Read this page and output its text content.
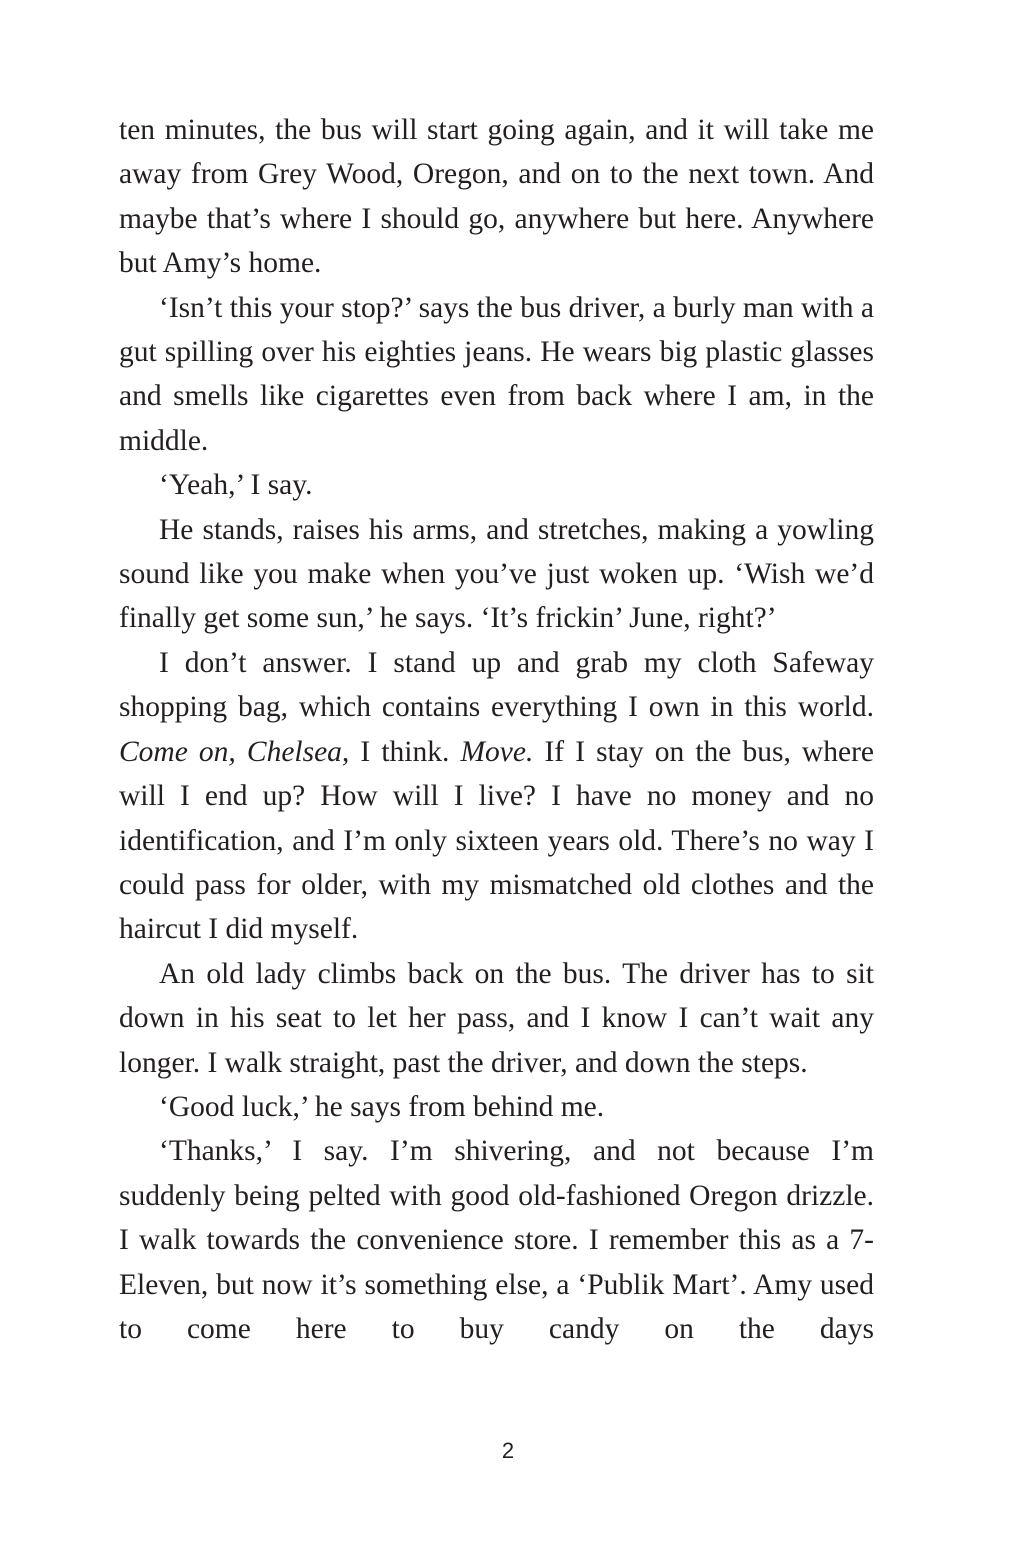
ten minutes, the bus will start going again, and it will take me away from Grey Wood, Oregon, and on to the next town. And maybe that’s where I should go, anywhere but here. Anywhere but Amy’s home.

‘Isn’t this your stop?’ says the bus driver, a burly man with a gut spilling over his eighties jeans. He wears big plastic glasses and smells like cigarettes even from back where I am, in the middle.

‘Yeah,’ I say.

He stands, raises his arms, and stretches, making a yowling sound like you make when you’ve just woken up. ‘Wish we’d finally get some sun,’ he says. ‘It’s frickin’ June, right?’

I don’t answer. I stand up and grab my cloth Safeway shopping bag, which contains everything I own in this world. Come on, Chelsea, I think. Move. If I stay on the bus, where will I end up? How will I live? I have no money and no identification, and I’m only sixteen years old. There’s no way I could pass for older, with my mismatched old clothes and the haircut I did myself.

An old lady climbs back on the bus. The driver has to sit down in his seat to let her pass, and I know I can’t wait any longer. I walk straight, past the driver, and down the steps.

‘Good luck,’ he says from behind me.

‘Thanks,’ I say. I’m shivering, and not because I’m suddenly being pelted with good old-fashioned Oregon drizzle. I walk towards the convenience store. I remember this as a 7-Eleven, but now it’s something else, a ‘Publik Mart’. Amy used to come here to buy candy on the days

2
